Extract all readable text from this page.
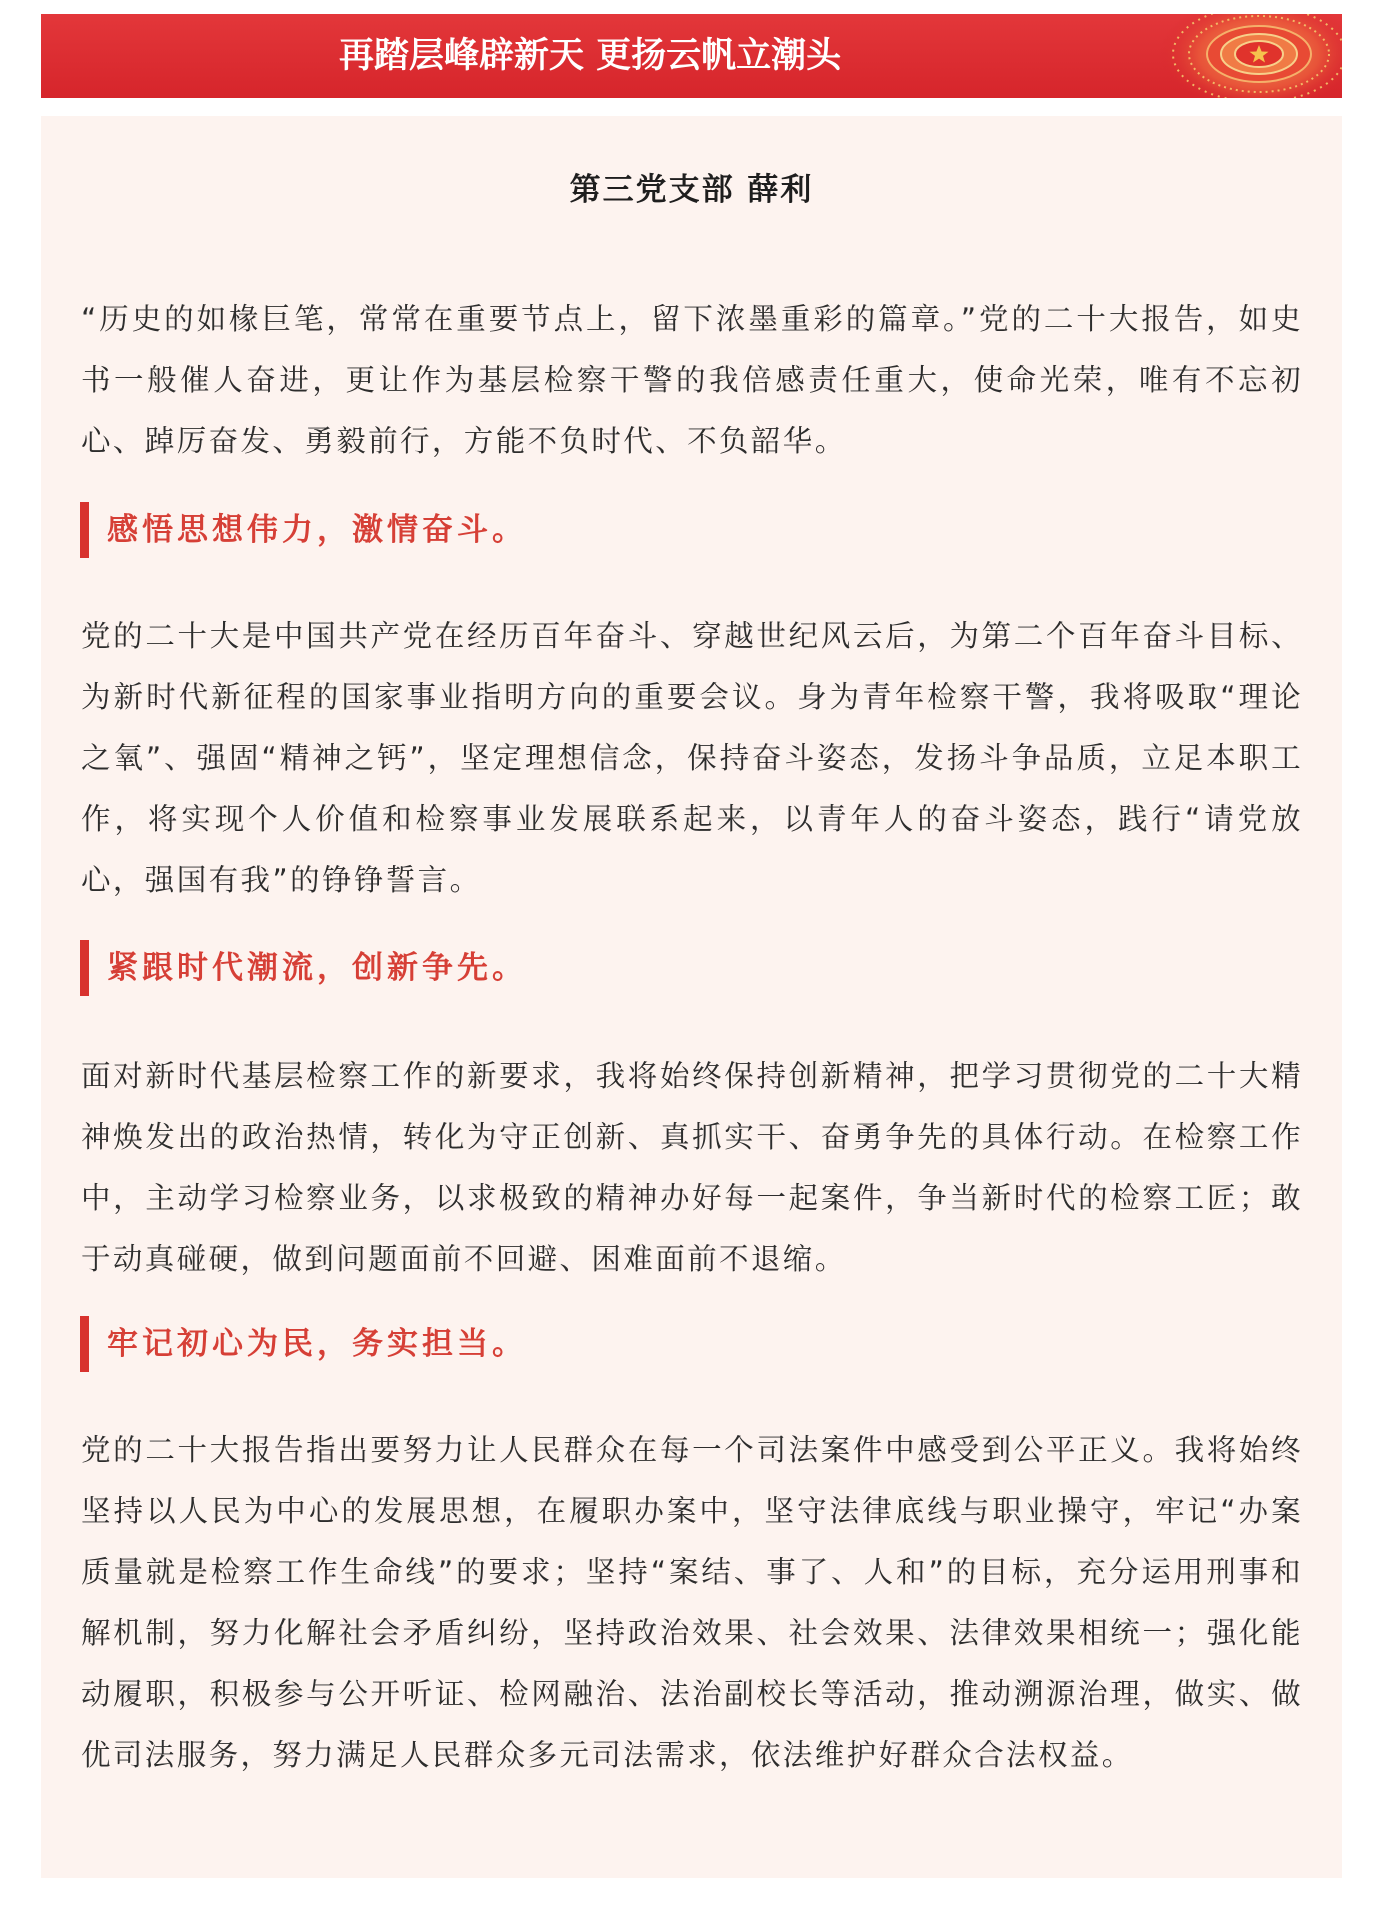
再踏层峰辟新天 更扬云帆立潮头
第三党支部 薛利

“历史的如椽巨笔，常常在重要节点上，留下浓墨重彩的篇章。”党的二十大报告，如史书一般催人奋进，更让作为基层检察干警的我倍感责任重大，使命光荣，唯有不忘初心、踔厉奋发、勇毅前行，方能不负时代、不负韶华。

感悟思想伟力，激情奋斗。

党的二十大是中国共产党在经历百年奋斗、穿越世纪风云后，为第二个百年奋斗目标、为新时代新征程的国家事业指明方向的重要会议。身为青年检察干警，我将吸取“理论之氧”、强固“精神之钙”，坚定理想信念，保持奋斗姿态，发扬斗争品质，立足本职工作，将实现个人价值和检察事业发展联系起来，以青年人的奋斗姿态，践行“请党放心，强国有我”的铮铮誓言。

紧跟时代潮流，创新争先。

面对新时代基层检察工作的新要求，我将始终保持创新精神，把学习贯彻党的二十大精神焕发出的政治热情，转化为守正创新、真抓实干、奋勇争先的具体行动。在检察工作中，主动学习检察业务，以求极致的精神办好每一起案件，争当新时代的检察工匠；敢于动真碰硬，做到问题面前不回避、困难面前不退缩。

牢记初心为民，务实担当。

党的二十大报告指出要努力让人民群众在每一个司法案件中感受到公平正义。我将始终坚持以人民为中心的发展思想，在履职办案中，坚守法律底线与职业操守，牢记“办案质量就是检察工作生命线”的要求；坚持“案结、事了、人和”的目标，充分运用刑事和解机制，努力化解社会矛盾纠纷，坚持政治效果、社会效果、法律效果相统一；强化能动履职，积极参与公开听证、检网融治、法治副校长等活动，推动溯源治理，做实、做优司法服务，努力满足人民群众多元司法需求，依法维护好群众合法权益。
